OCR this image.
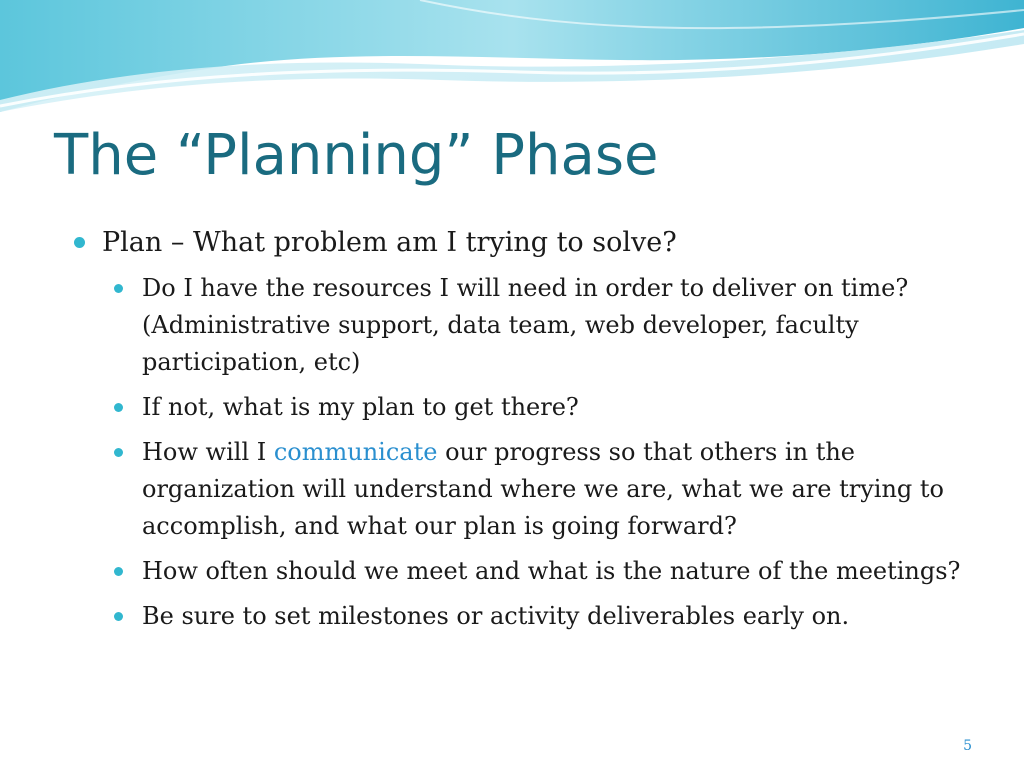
The “Planning” Phase
Plan – What problem am I trying to solve?
Do I have the resources I will need in order to deliver on time? (Administrative support, data team, web developer, faculty participation, etc)
If not, what is my plan to get there?
How will I communicate our progress so that others in the organization will understand where we are, what we are trying to accomplish, and what our plan is going forward?
How often should we meet and what is the nature of the meetings?
Be sure to set milestones or activity deliverables early on.
5
